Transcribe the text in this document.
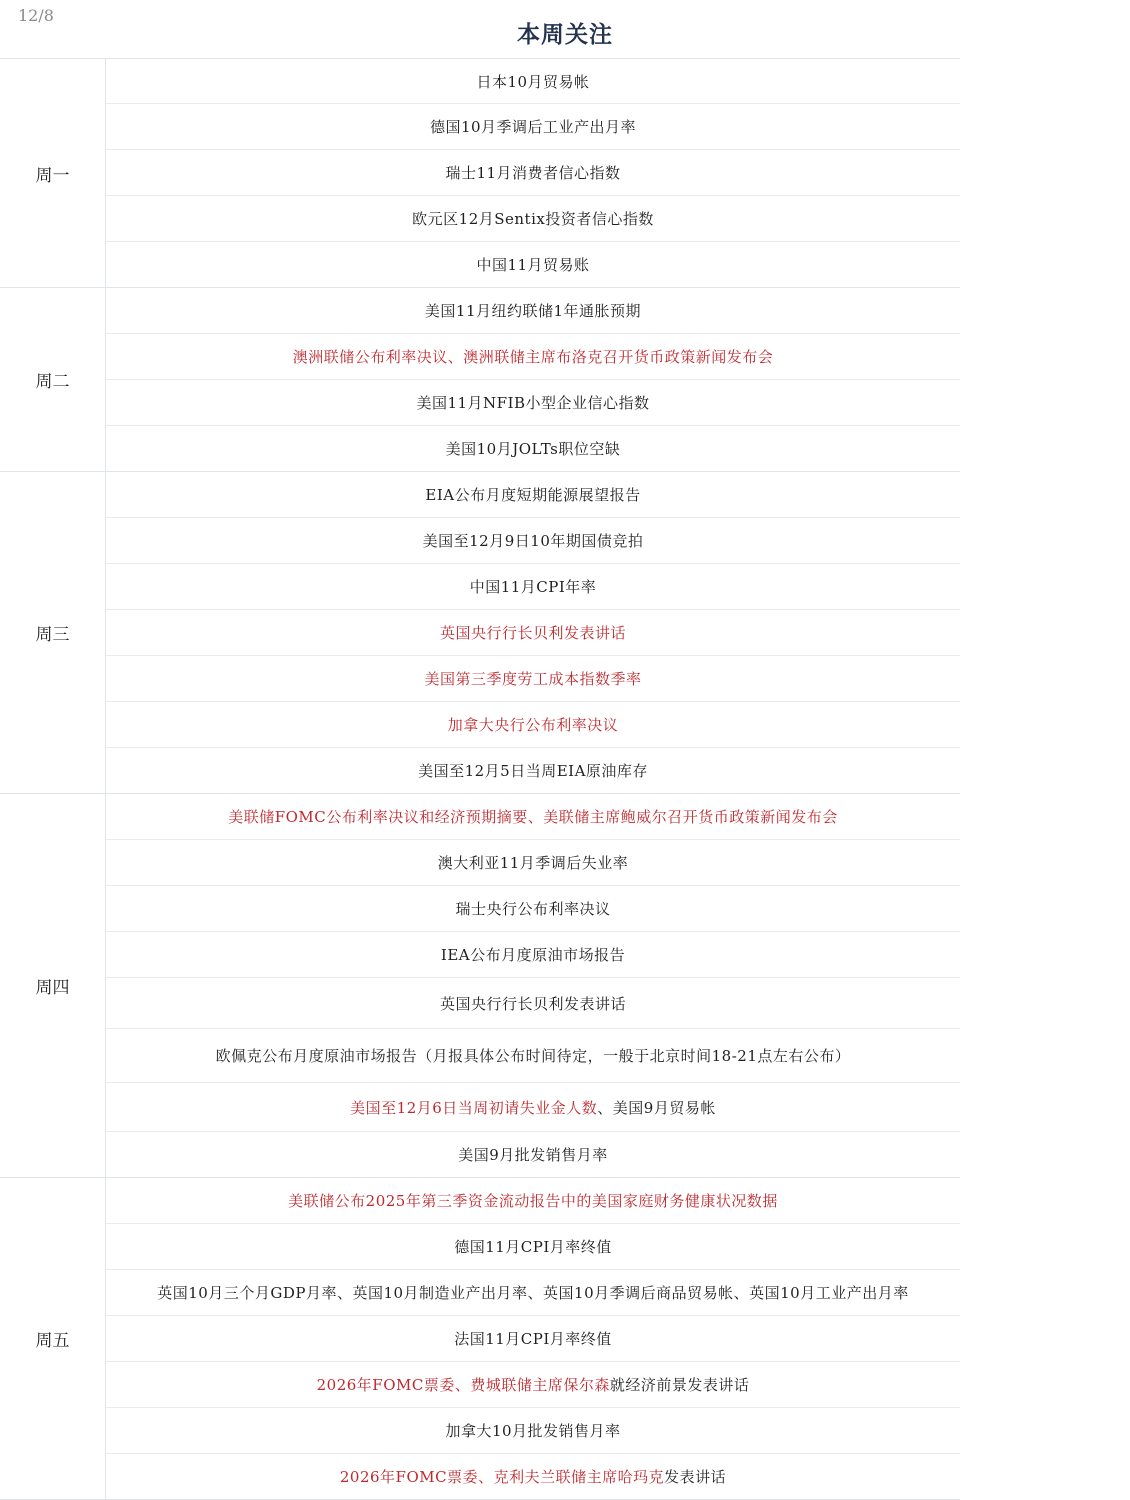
12/8
本周关注
周一
日本10月贸易帐
德国10月季调后工业产出月率
瑞士11月消费者信心指数
欧元区12月Sentix投资者信心指数
中国11月贸易账
周二
美国11月纽约联储1年通胀预期
澳洲联储公布利率决议、澳洲联储主席布洛克召开货币政策新闻发布会
美国11月NFIB小型企业信心指数
美国10月JOLTs职位空缺
周三
EIA公布月度短期能源展望报告
美国至12月9日10年期国债竞拍
中国11月CPI年率
英国央行行长贝利发表讲话
美国第三季度劳工成本指数季率
加拿大央行公布利率决议
美国至12月5日当周EIA原油库存
周四
美联储FOMC公布利率决议和经济预期摘要、美联储主席鲍威尔召开货币政策新闻发布会
澳大利亚11月季调后失业率
瑞士央行公布利率决议
IEA公布月度原油市场报告
英国央行行长贝利发表讲话
欧佩克公布月度原油市场报告（月报具体公布时间待定，一般于北京时间18-21点左右公布）
美国至12月6日当周初请失业金人数 、美国9月贸易帐
美国9月批发销售月率
周五
美联储公布2025年第三季资金流动报告中的美国家庭财务健康状况数据
德国11月CPI月率终值
英国10月三个月GDP月率、英国10月制造业产出月率、英国10月季调后商品贸易帐、英国10月工业产出月率
法国11月CPI月率终值
2026年FOMC票委、费城联储主席保尔森 就经济前景发表讲话
加拿大10月批发销售月率
2026年FOMC票委、克利夫兰联储主席哈玛克 发表讲话
